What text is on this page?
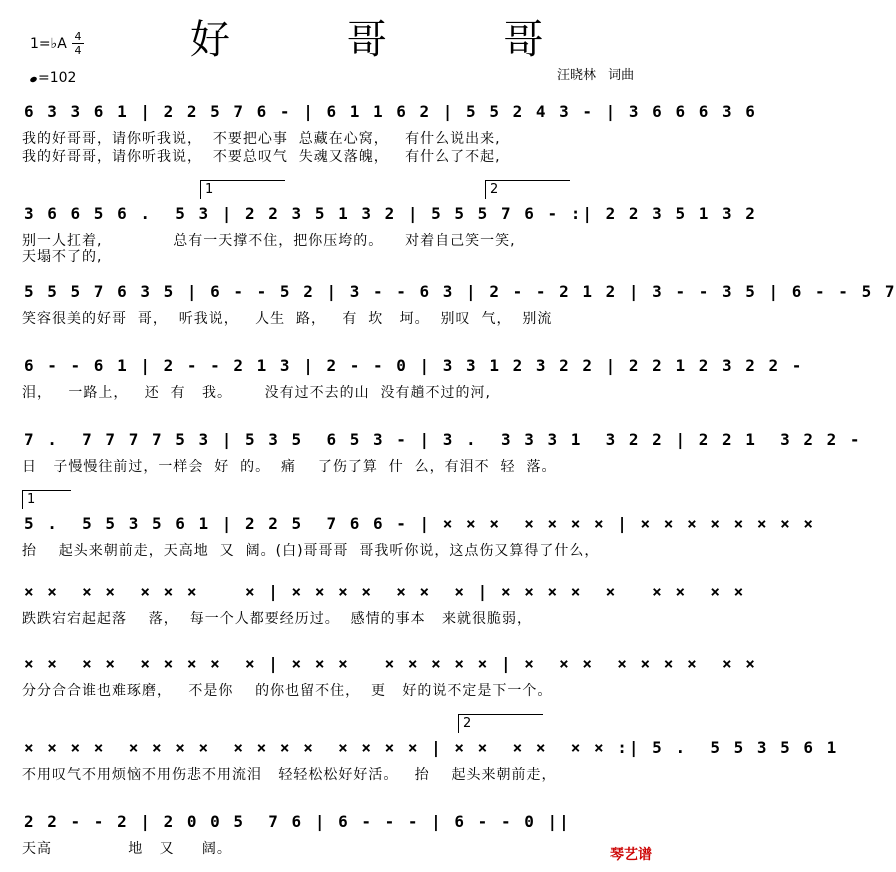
好 哥 哥
1=♭A 4
4
=102	汪晓林 词曲
6 3 3 6 1 | 2 2 5 7 6 - | 6 1 1 6 2 | 5 5 2 4 3 - | 3 6 6 6 3 6
我的好哥哥，请你听我说，  不要把心事  总藏在心窝，   有什么说出来,
我的好哥哥，请你听我说，  不要总叹气  失魂又落魄，   有什么了不起,
1	2
3 6 6 5 6 .  5 3 | 2 2 3 5 1 3 2 | 5 5 5 7 6 - :| 2 2 3 5 1 3 2
别一人扛着,             总有一天撑不住，把你压垮的。    对着自己笑一笑,
天塌不了的,
5 5 5 7 6 3 5 | 6 - - 5 2 | 3 - - 6 3 | 2 - - 2 1 2 | 3 - - 3 5 | 6 - - 5 7
笑容很美的好哥  哥，  听我说，   人生  路，   有  坎   坷。  别叹  气，  别流
6 - - 6 1 | 2 - - 2 1 3 | 2 - - 0 | 3 3 1 2 3 2 2 | 2 2 1 2 3 2 2 -
泪，   一路上，   还  有   我。      没有过不去的山  没有趟不过的河,
7 .  7 7 7 7 5 3 | 5 3 5  6 5 3 - | 3 .  3 3 3 1  3 2 2 | 2 2 1  3 2 2 -
日   子慢慢往前过，一样会  好  的。  痛    了伤了算  什  么，有泪不  轻  落。
1
5 .  5 5 3 5 6 1 | 2 2 5  7 6 6 - | × × ×  × × × × | × × × × × × × ×
抬    起头来朝前走，天高地  又  阔。(白)哥哥哥  哥我听你说，这点伤又算得了什么，
× ×  × ×  × × ×    × | × × × ×  × ×  × | × × × ×  ×   × ×  × ×
跌跌宕宕起起落    落，  每一个人都要经历过。  感情的事本   来就很脆弱，
× ×  × ×  × × × ×  × | × × ×   × × × × × | ×  × ×  × × × ×  × ×
分分合合谁也难琢磨，   不是你    的你也留不住，  更   好的说不定是下一个。
2
× × × ×  × × × ×  × × × ×  × × × × | × ×  × ×  × × :| 5 .  5 5 3 5 6 1
不用叹气不用烦恼不用伤悲不用流泪   轻轻松松好好活。   抬    起头来朝前走，
2 2 - - 2 | 2 0 0 5  7 6 | 6 - - - | 6 - - 0 ||
天高              地   又     阔。	琴艺谱
